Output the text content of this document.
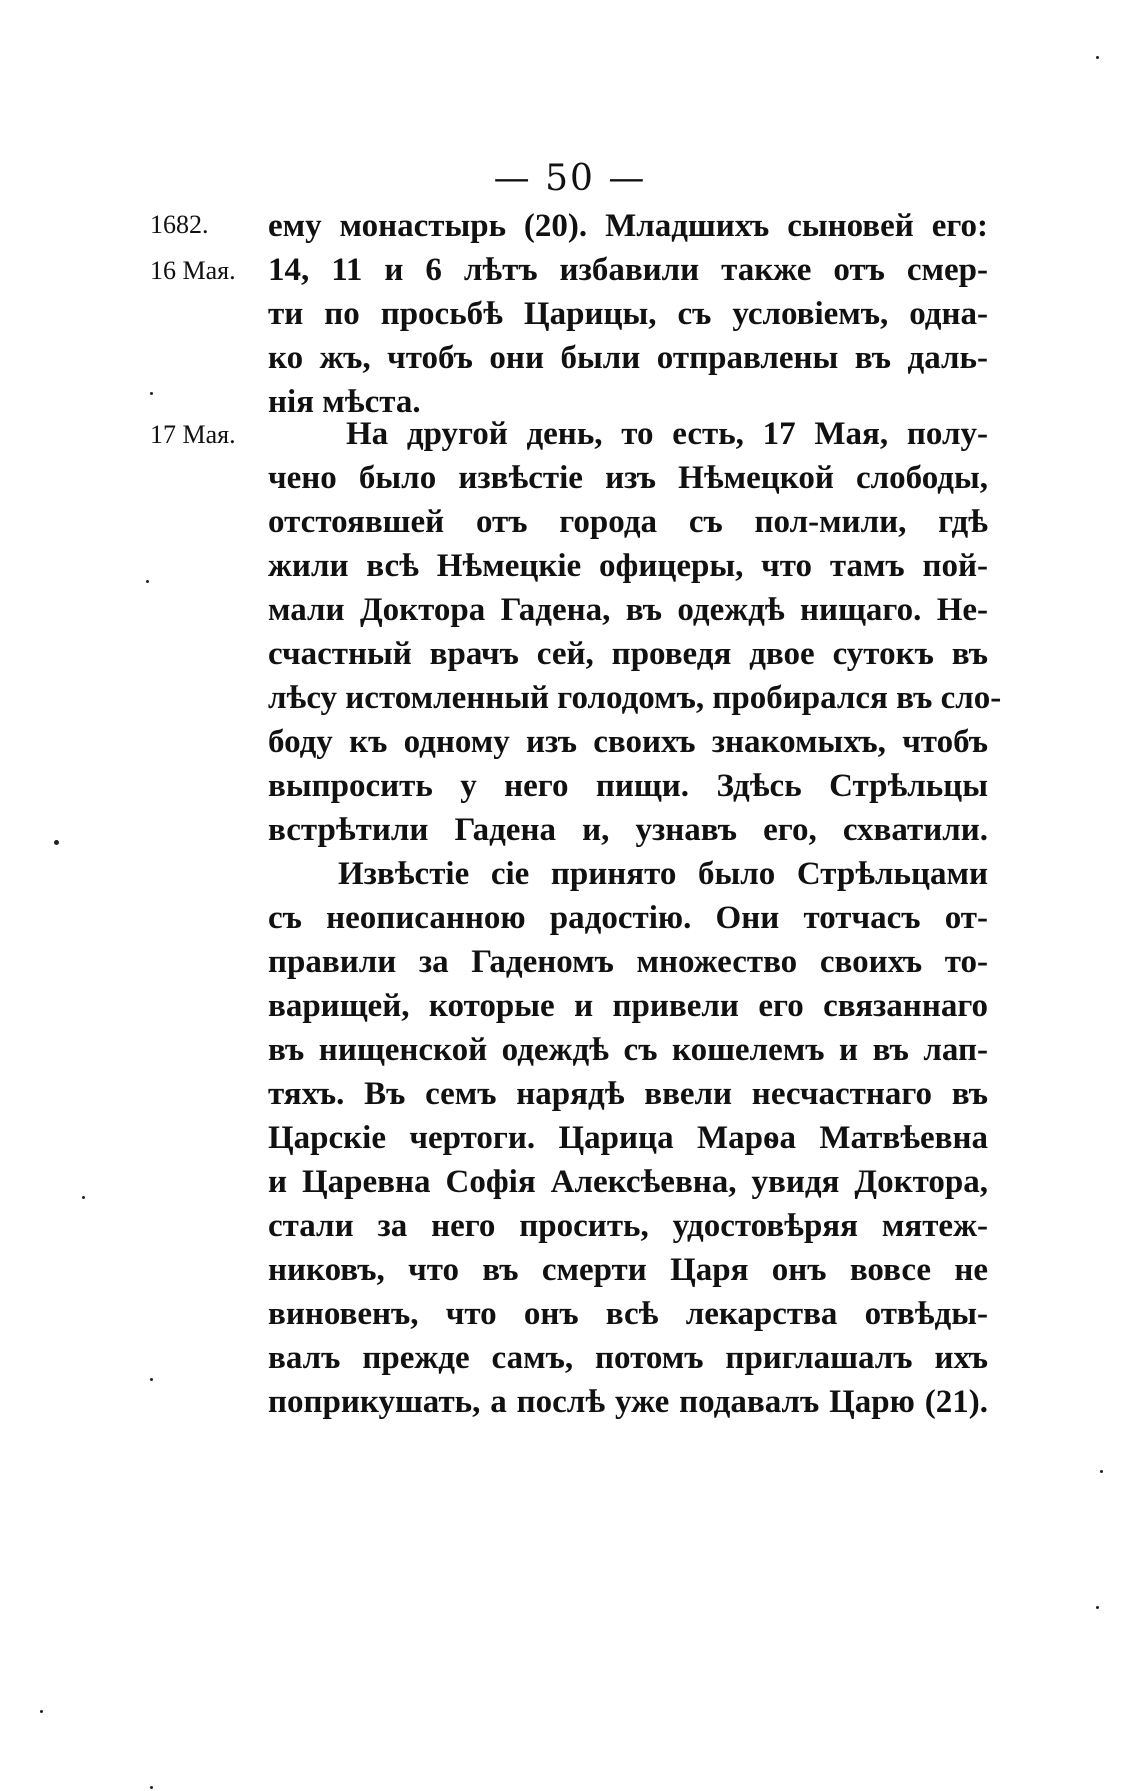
— 50 —
1682.
16 Мая.
17 Мая.
ему монастырь (20). Младшихъ сыновей его:
14, 11 и 6 лѣтъ избавили также отъ смер-
ти по просьбѣ Царицы, съ условіемъ, одна-
ко жъ, чтобъ они были отправлены въ даль-
нія мѣста.
На другой день, то есть, 17 Мая, полу-
чено было извѣстіе изъ Нѣмецкой слободы,
отстоявшей отъ города съ пол-мили, гдѣ
жили всѣ Нѣмецкіе офицеры, что тамъ пой-
мали Доктора Гадена, въ одеждѣ нищаго. Не-
счастный врачъ сей, проведя двое сутокъ въ
лѣсу истомленный голодомъ, пробирался въ сло-
боду къ одному изъ своихъ знакомыхъ, чтобъ
выпросить у него пищи. Здѣсь Стрѣльцы
встрѣтили Гадена и, узнавъ его, схватили.
Извѣстіе сіе принято было Стрѣльцами
съ неописанною радостію. Они тотчасъ от-
правили за Гаденомъ множество своихъ то-
варищей, которые и привели его связаннаго
въ нищенской одеждѣ съ кошелемъ и въ лап-
тяхъ. Въ семъ нарядѣ ввели несчастнаго въ
Царскіе чертоги. Царица Марѳа Матвѣевна
и Царевна Софія Алексѣевна, увидя Доктора,
стали за него просить, удостовѣряя мятеж-
никовъ, что въ смерти Царя онъ вовсе не
виновенъ, что онъ всѣ лекарства отвѣды-
валъ прежде самъ, потомъ приглашалъ ихъ
поприкушать, а послѣ уже подавалъ Царю (21).
